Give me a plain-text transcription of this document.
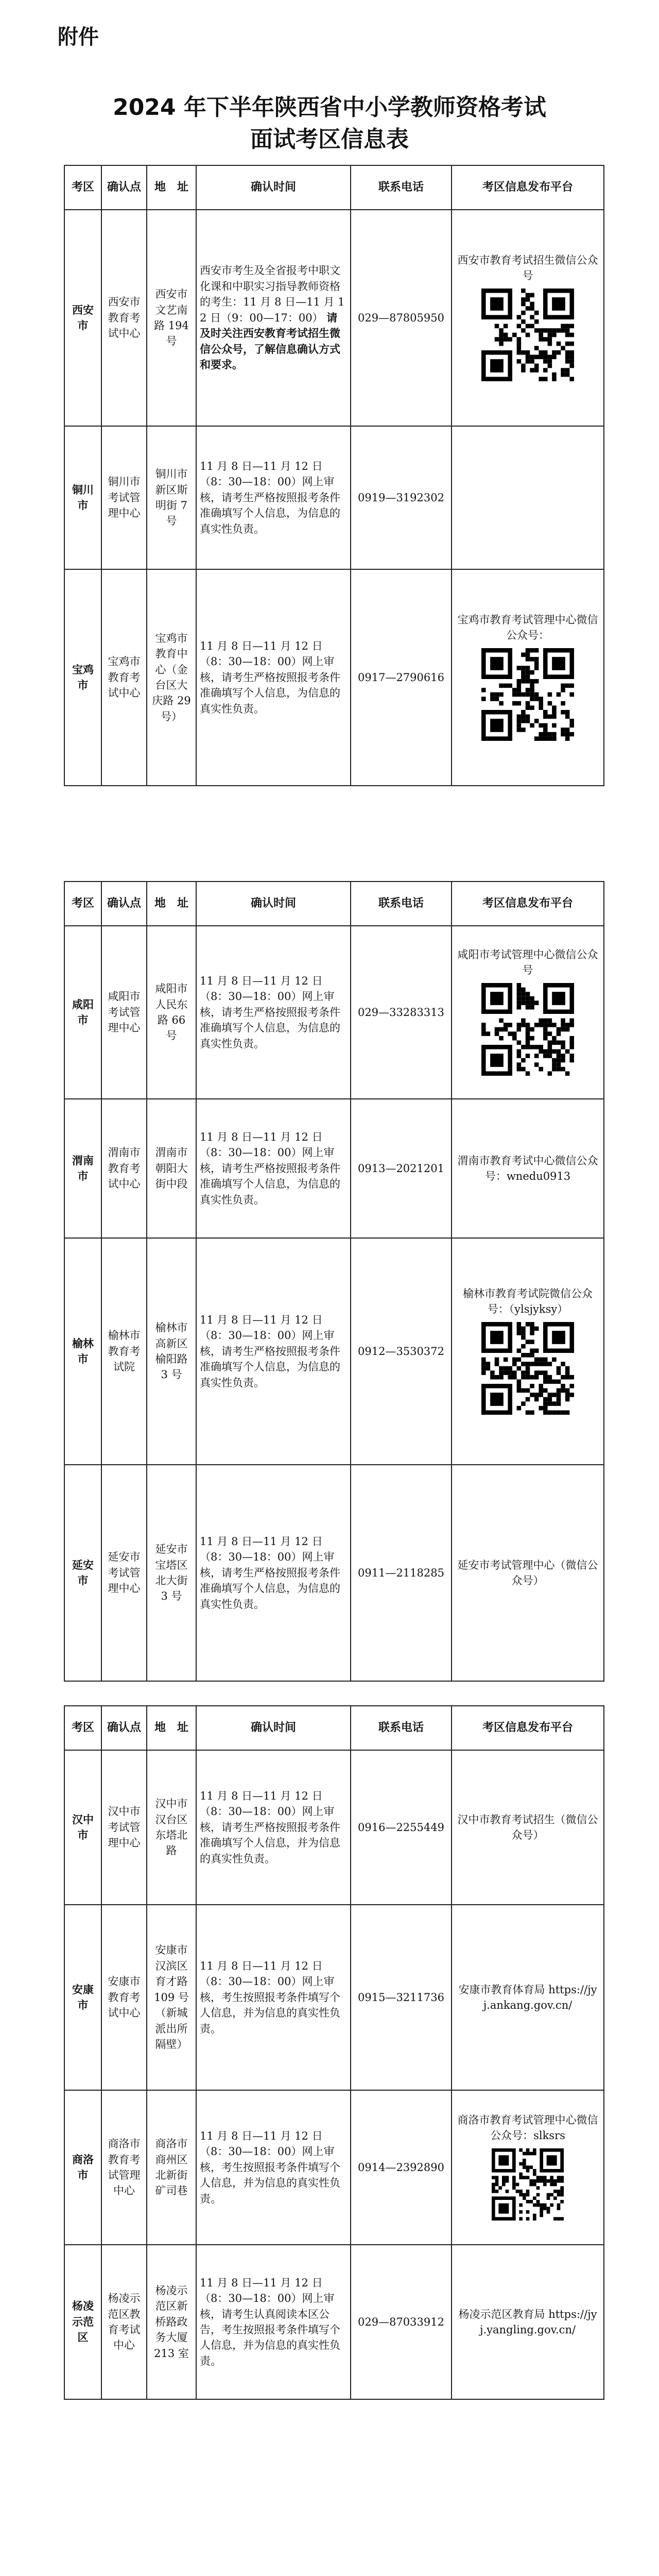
附件
2024 年下半年陕西省中小学教师资格考试
面试考区信息表
考区	确认点	地　址	确认时间	联系电话	考区信息发布平台
西安市	西安市教育考试中心	西安市文艺南路 194 号	西安市考生及全省报考中职文化课和中职实习指导教师资格的考生：11 月 8 日—11 月 12 日（9：00—17：00） 请及时关注西安教育考试招生微信公众号，了解信息确认方式和要求。	029—87805950	西安市教育考试招生微信公众号

铜川市	铜川市考试管理中心	铜川市新区斯明街 7 号	11 月 8 日—11 月 12 日（8：30—18：00）网上审核，请考生严格按照报考条件准确填写个人信息，为信息的真实性负责。	0919—3192302	
宝鸡市	宝鸡市教育考试中心	宝鸡市教育中心（金台区大庆路 29 号）	11 月 8 日—11 月 12 日（8：30—18：00）网上审核，请考生严格按照报考条件准确填写个人信息，为信息的真实性负责。	0917—2790616	宝鸡市教育考试管理中心微信公众号：
考区	确认点	地　址	确认时间	联系电话	考区信息发布平台
咸阳市	咸阳市考试管理中心	咸阳市人民东路 66 号	11 月 8 日—11 月 12 日（8：30—18：00）网上审核，请考生严格按照报考条件准确填写个人信息，为信息的真实性负责。	029—33283313	咸阳市考试管理中心微信公众号

渭南市	渭南市教育考试中心	渭南市朝阳大街中段	11 月 8 日—11 月 12 日（8：30—18：00）网上审核，请考生严格按照报考条件准确填写个人信息，为信息的真实性负责。	0913—2021201	渭南市教育考试中心微信公众号：wnedu0913
榆林市	榆林市教育考试院	榆林市高新区榆阳路 3 号	11 月 8 日—11 月 12 日（8：30—18：00）网上审核，请考生严格按照报考条件准确填写个人信息，为信息的真实性负责。	0912—3530372	榆林市教育考试院微信公众号：（ylsjyksy）

延安市	延安市考试管理中心	延安市宝塔区北大街 3 号	11 月 8 日—11 月 12 日（8：30—18：00）网上审核，请考生严格按照报考条件准确填写个人信息，为信息的真实性负责。	0911—2118285	延安市考试管理中心（微信公众号）
考区	确认点	地　址	确认时间	联系电话	考区信息发布平台
汉中市	汉中市考试管理中心	汉中市汉台区东塔北路	11 月 8 日—11 月 12 日（8：30—18：00）网上审核，请考生严格按照报考条件准确填写个人信息，并为信息的真实性负责。	0916—2255449	汉中市教育考试招生（微信公众号）
安康市	安康市教育考试中心	安康市汉滨区育才路 109 号（新城派出所隔壁）	11 月 8 日—11 月 12 日（8：30—18：00）网上审核，考生按照报考条件填写个人信息，并为信息的真实性负责。	0915—3211736	安康市教育体育局 https://jyj.ankang.gov.cn/
商洛市	商洛市教育考试管理中心	商洛市商州区北新街矿司巷	11 月 8 日—11 月 12 日（8：30—18：00）网上审核，考生按照报考条件填写个人信息，并为信息的真实性负责。	0914—2392890	商洛市教育考试管理中心微信公众号：slksrs

杨凌示范区	杨凌示范区教育考试中心	杨凌示范区新桥路政务大厦 213 室	11 月 8 日—11 月 12 日（8：30—18：00）网上审核，请考生认真阅读本区公告，考生按照报考条件填写个人信息，并为信息的真实性负责。	029—87033912	杨凌示范区教育局 https://jyj.yangling.gov.cn/
